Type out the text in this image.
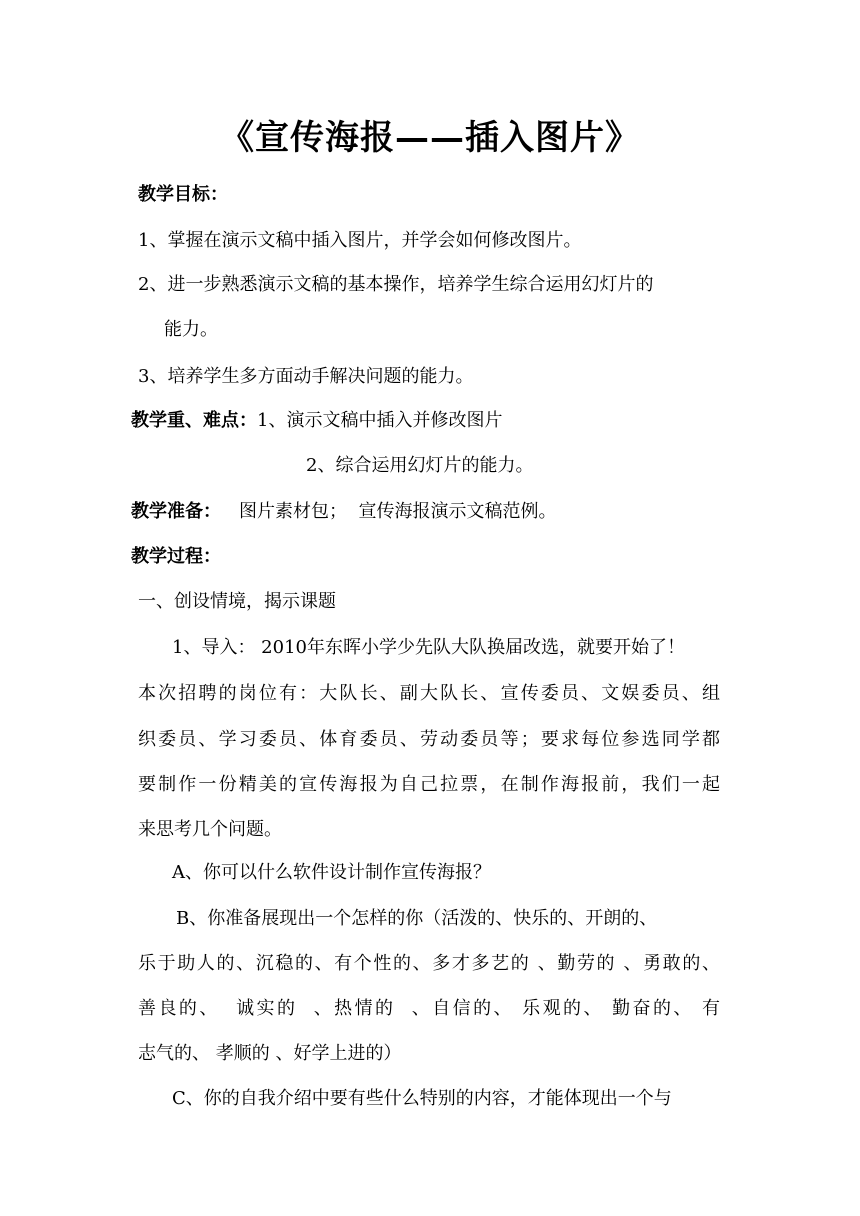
《宣传海报——插入图片》
教学目标：
1、掌握在演示文稿中插入图片，并学会如何修改图片。
2、进一步熟悉演示文稿的基本操作，培养学生综合运用幻灯片的
能力。
3、培养学生多方面动手解决问题的能力。
教学重、难点：1、演示文稿中插入并修改图片
2、综合运用幻灯片的能力。
教学准备： 图片素材包；  宣传海报演示文稿范例。
教学过程：
一、创设情境，揭示课题
1、导入： 2010年东晖小学少先队大队换届改选，就要开始了！
本次招聘的岗位有：大队长、副大队长、宣传委员、文娱委员、组
织委员、学习委员、体育委员、劳动委员等；要求每位参选同学都
要制作一份精美的宣传海报为自己拉票，在制作海报前，我们一起
来思考几个问题。
A、你可以什么软件设计制作宣传海报？
B、你准备展现出一个怎样的你（活泼的、快乐的、开朗的、
乐于助人的、沉稳的、有个性的、多才多艺的 、勤劳的 、勇敢的、
善良的、  诚实的  、热情的  、自信的、 乐观的、 勤奋的、 有
志气的、 孝顺的 、好学上进的）
C、你的自我介绍中要有些什么特别的内容，才能体现出一个与
